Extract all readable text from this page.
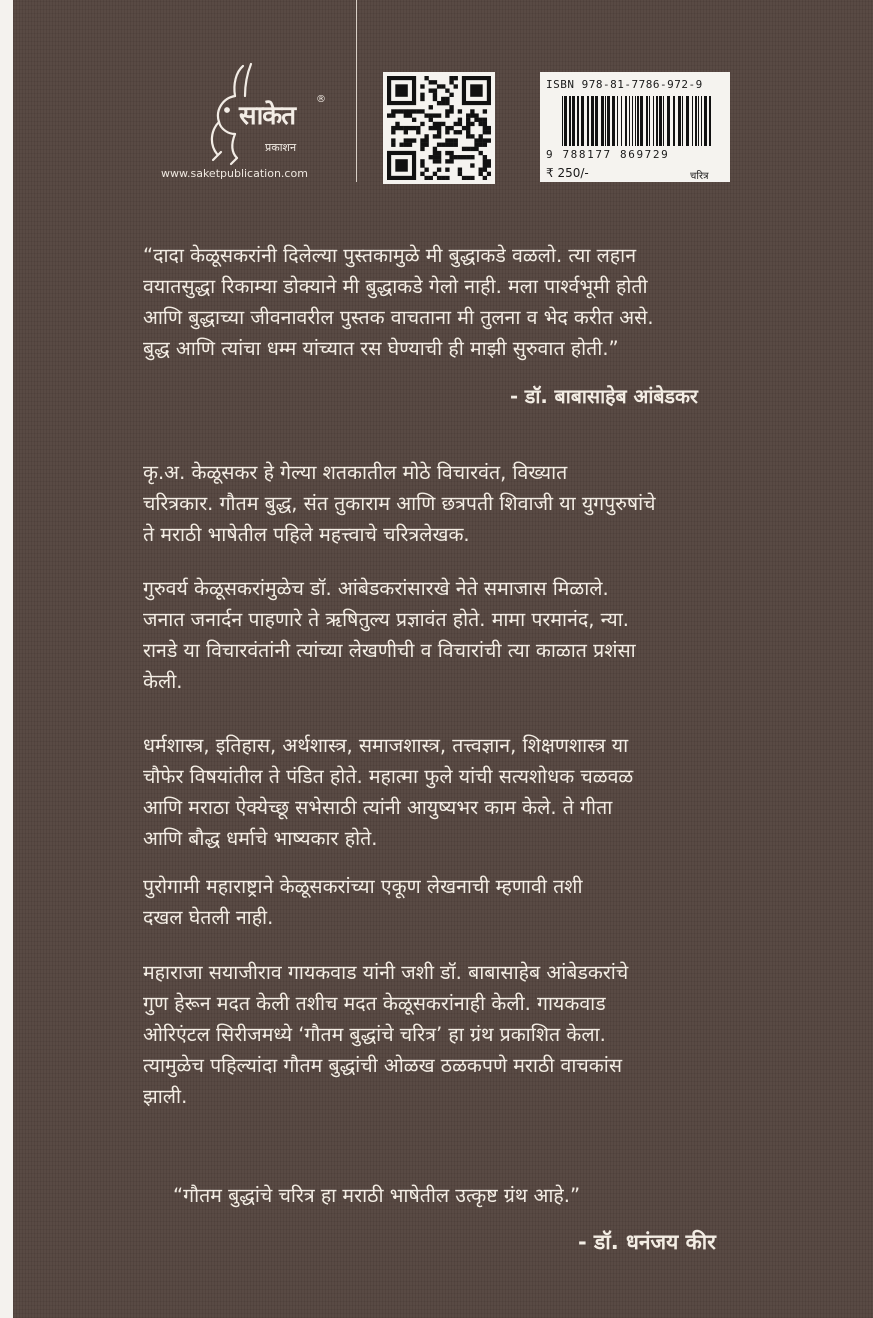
साकेत
®
प्रकाशन
www.saketpublication.com
ISBN 978-81-7786-972-9
9 788177 869729
₹ 250/-	चरित्र
“दादा केळूसकरांनी दिलेल्या पुस्तकामुळे मी बुद्धाकडे वळलो. त्या लहान
वयातसुद्धा रिकाम्या डोक्याने मी बुद्धाकडे गेलो नाही. मला पार्श्वभूमी होती
आणि बुद्धाच्या जीवनावरील पुस्तक वाचताना मी तुलना व भेद करीत असे.
बुद्ध आणि त्यांचा धम्म यांच्यात रस घेण्याची ही माझी सुरुवात होती.”
- डॉ. बाबासाहेब आंबेडकर
कृ.अ. केळूसकर हे गेल्या शतकातील मोठे विचारवंत, विख्यात
चरित्रकार. गौतम बुद्ध, संत तुकाराम आणि छत्रपती शिवाजी या युगपुरुषांचे
ते मराठी भाषेतील पहिले महत्त्वाचे चरित्रलेखक.
गुरुवर्य केळूसकरांमुळेच डॉ. आंबेडकरांसारखे नेते समाजास मिळाले.
जनात जनार्दन पाहणारे ते ऋषितुल्य प्रज्ञावंत होते. मामा परमानंद, न्या.
रानडे या विचारवंतांनी त्यांच्या लेखणीची व विचारांची त्या काळात प्रशंसा
केली.
धर्मशास्त्र, इतिहास, अर्थशास्त्र, समाजशास्त्र, तत्त्वज्ञान, शिक्षणशास्त्र या
चौफेर विषयांतील ते पंडित होते. महात्मा फुले यांची सत्यशोधक चळवळ
आणि मराठा ऐक्येच्छू सभेसाठी त्यांनी आयुष्यभर काम केले. ते गीता
आणि बौद्ध धर्माचे भाष्यकार होते.
पुरोगामी महाराष्ट्राने केळूसकरांच्या एकूण लेखनाची म्हणावी तशी
दखल घेतली नाही.
महाराजा सयाजीराव गायकवाड यांनी जशी डॉ. बाबासाहेब आंबेडकरांचे
गुण हेरून मदत केली तशीच मदत केळूसकरांनाही केली. गायकवाड
ओरिएंटल सिरीजमध्ये ‘गौतम बुद्धांचे चरित्र’ हा ग्रंथ प्रकाशित केला.
त्यामुळेच पहिल्यांदा गौतम बुद्धांची ओळख ठळकपणे मराठी वाचकांस
झाली.
“गौतम बुद्धांचे चरित्र हा मराठी भाषेतील उत्कृष्ट ग्रंथ आहे.”
- डॉ. धनंजय कीर
